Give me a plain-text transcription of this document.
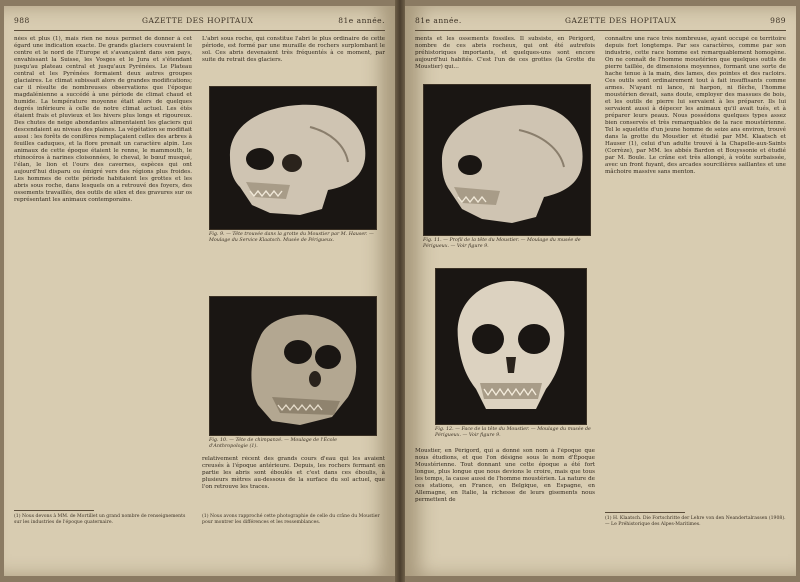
988	GAZETTE DES HOPITAUX	81e année.

nées et plus (1), mais rien ne nous permet de donner à cet égard une indication exacte. De grands glaciers couvraient le centre et le nord de l'Europe et s'avançaient dans son pays, envahissant la Suisse, les Vosges et le Jura et s'étendant jusqu'au plateau central et jusqu'aux Pyrénées. Le Plateau central et les Pyrénées formaient deux autres groupes glaciaires. Le climat subissait alors de grandes modifications; car il résulte de nombreuses observations que l'époque magdalénienne a succédé à une période de climat chaud et humide. La température moyenne était alors de quelques degrés inférieure à celle de notre climat actuel. Les étés étaient frais et pluvieux et les hivers plus longs et rigoureux. Des chutes de neige abondantes alimentaient les glaciers qui descendaient au niveau des plaines. La végétation se modifiait aussi : les forêts de conifères remplaçaient celles des arbres à feuilles caduques, et la flore prenait un caractère alpin. Les animaux de cette époque étaient le renne, le mammouth, le rhinocéros à narines cloisonnées, le cheval, le bœuf musqué, l'élan, le lion et l'ours des cavernes, espèces qui ont aujourd'hui disparu ou émigré vers des régions plus froides. Les hommes de cette période habitaient les grottes et les abris sous roche, dans lesquels on a retrouvé des foyers, des ossements travaillés, des outils de silex et des gravures sur os représentant les animaux contemporains.

L'abri sous roche, qui constitue l'abri le plus ordinaire de cette période, est formé par une muraille de rochers surplombant le sol. Ces abris devenaient très fréquentés à ce moment, par suite du retrait des glaciers.

Fig. 9. — Tête trouvée dans la grotte du Moustier par M. Hauser. — Moulage du Service Klaatsch. Musée de Périgueux.
Fig. 10. — Tête de chimpanzé. — Moulage de l'École d'Anthropologie (1).

relativement récent des grands cours d'eau qui les avaient creusés à l'époque antérieure. Depuis, les rochers fermant en partie les abris sont éboulés et c'est dans ces éboulis, à plusieurs mètres au-dessous de la surface du sol actuel, que l'on retrouve les traces.

(1) Nous devons à MM. de Mortillet un grand nombre de renseignements sur les industries de l'époque quaternaire.
(1) Nous avons rapproché cette photographie de celle du crâne du Moustier pour montrer les différences et les ressemblances.
81e année.	GAZETTE DES HOPITAUX	989

ments et les ossements fossiles. Il subsiste, en Périgord, nombre de ces abris rocheux, qui ont été autrefois préhistoriques importants, et quelques-uns sont encore aujourd'hui habités. C'est l'un de ces grottes (la Grotte du Moustier) qui...

Fig. 11. — Profil de la tête du Moustier. — Moulage du musée de Périgueux. — Voir figure 9.
Fig. 12. — Face de la tête du Moustier. — Moulage du musée de Périgueux. — Voir figure 9.

Moustier, en Périgord, qui a donné son nom à l'époque que nous étudions, et que l'on désigne sous le nom d'Époque Moustérienne. Tout donnant une cette époque a été fort longue, plus longue que nous devions le croire, mais que tous les temps, la cause aussi de l'homme moustérien. La nature de ces stations, en France, en Belgique, en Espagne, en Allemagne, en Italie, la richesse de leurs gisements nous permettent de

connaître une race très nombreuse, ayant occupé ce territoire depuis fort longtemps. Par ses caractères, comme par son industrie, cette race homme est remarquablement homogène. On ne connaît de l'homme moustérien que quelques outils de pierre taillée, de dimensions moyennes, formant une sorte de hache tenue à la main, des lames, des pointes et des racloirs. Ces outils sont ordinairement tout à fait insuffisants comme armes. N'ayant ni lance, ni harpon, ni flèche, l'homme moustérien devait, sans doute, employer des massues de bois, et les outils de pierre lui servaient à les préparer. Ils lui servaient aussi à dépecer les animaux qu'il avait tués, et à préparer leurs peaux. Nous possédons quelques types assez bien conservés et très remarquables de la race moustérienne. Tel le squelette d'un jeune homme de seize ans environ, trouvé dans la grotte du Moustier et étudié par MM. Klaatsch et Hauser (1), celui d'un adulte trouvé à la Chapelle-aux-Saints (Corrèze), par MM. les abbés Bardon et Bouyssonie et étudié par M. Boule. Le crâne est très allongé, à voûte surbaissée, avec un front fuyant, des arcades sourcilières saillantes et une mâchoire massive sans menton.

(1) H. Klaatsch. Die Fortschritte der Lehre von den Neandertalrassen (1908). — Le Préhistorique des Alpes-Maritimes.
